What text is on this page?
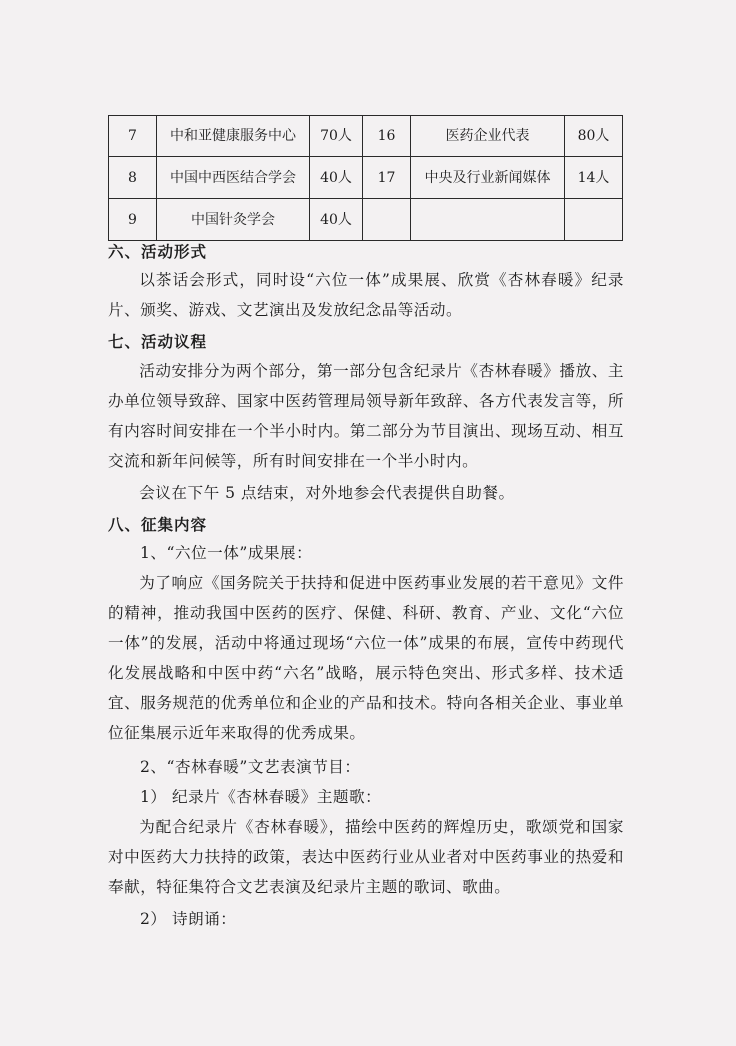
7	中和亚健康服务中心	70人	16	医药企业代表	80人
8	中国中西医结合学会	40人	17	中央及行业新闻媒体	14人
9	中国针灸学会	40人			
六、活动形式
以茶话会形式，同时设“六位一体”成果展、欣赏《杏林春暖》纪录片、颁奖、游戏、文艺演出及发放纪念品等活动。
七、活动议程
活动安排分为两个部分，第一部分包含纪录片《杏林春暖》播放、主办单位领导致辞、国家中医药管理局领导新年致辞、各方代表发言等，所有内容时间安排在一个半小时内。第二部分为节目演出、现场互动、相互交流和新年问候等，所有时间安排在一个半小时内。
会议在下午 5 点结束，对外地参会代表提供自助餐。
八、征集内容
1、“六位一体”成果展：
为了响应《国务院关于扶持和促进中医药事业发展的若干意见》文件的精神，推动我国中医药的医疗、保健、科研、教育、产业、文化“六位一体”的发展，活动中将通过现场“六位一体”成果的布展，宣传中药现代化发展战略和中医中药“六名”战略，展示特色突出、形式多样、技术适宜、服务规范的优秀单位和企业的产品和技术。特向各相关企业、事业单位征集展示近年来取得的优秀成果。
2、“杏林春暖”文艺表演节目：
1） 纪录片《杏林春暖》主题歌：
为配合纪录片《杏林春暖》，描绘中医药的辉煌历史，歌颂党和国家对中医药大力扶持的政策，表达中医药行业从业者对中医药事业的热爱和奉献，特征集符合文艺表演及纪录片主题的歌词、歌曲。
2） 诗朗诵：
